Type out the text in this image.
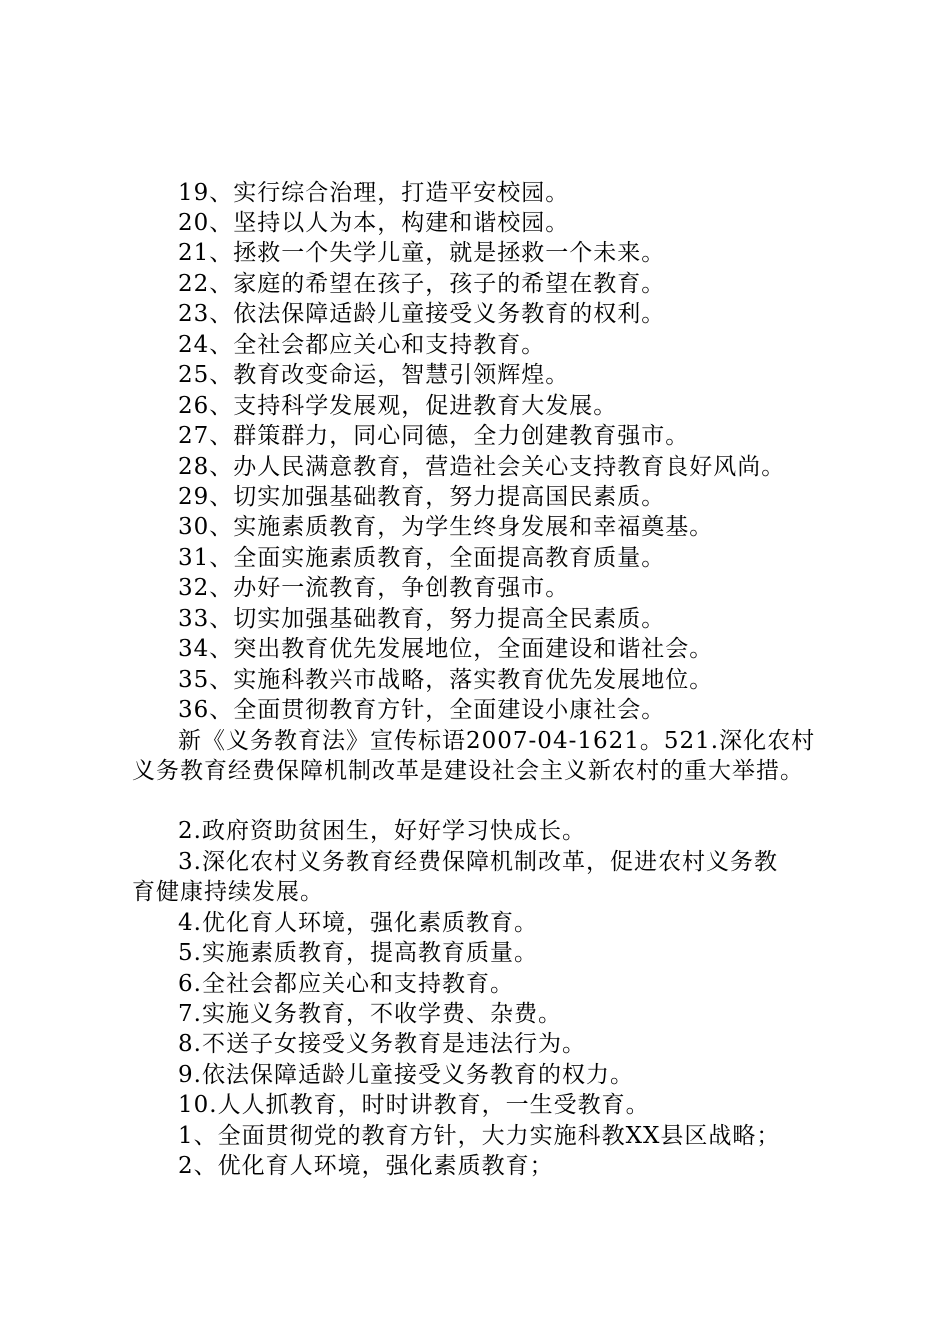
19、实行综合治理，打造平安校园。
20、坚持以人为本，构建和谐校园。
21、拯救一个失学儿童，就是拯救一个未来。
22、家庭的希望在孩子，孩子的希望在教育。
23、依法保障适龄儿童接受义务教育的权利。
24、全社会都应关心和支持教育。
25、教育改变命运，智慧引领辉煌。
26、支持科学发展观，促进教育大发展。
27、群策群力，同心同德，全力创建教育强市。
28、办人民满意教育，营造社会关心支持教育良好风尚。
29、切实加强基础教育，努力提高国民素质。
30、实施素质教育，为学生终身发展和幸福奠基。
31、全面实施素质教育，全面提高教育质量。
32、办好一流教育，争创教育强市。
33、切实加强基础教育，努力提高全民素质。
34、突出教育优先发展地位，全面建设和谐社会。
35、实施科教兴市战略，落实教育优先发展地位。
36、全面贯彻教育方针，全面建设小康社会。
新《义务教育法》宣传标语2007-04-1621。521.深化农村
义务教育经费保障机制改革是建设社会主义新农村的重大举措。
2.政府资助贫困生，好好学习快成长。
3.深化农村义务教育经费保障机制改革，促进农村义务教
育健康持续发展。
4.优化育人环境，强化素质教育。
5.实施素质教育，提高教育质量。
6.全社会都应关心和支持教育。
7.实施义务教育，不收学费、杂费。
8.不送子女接受义务教育是违法行为。
9.依法保障适龄儿童接受义务教育的权力。
10.人人抓教育，时时讲教育，一生受教育。
1、全面贯彻党的教育方针，大力实施科教XX县区战略；
2、优化育人环境，强化素质教育；
